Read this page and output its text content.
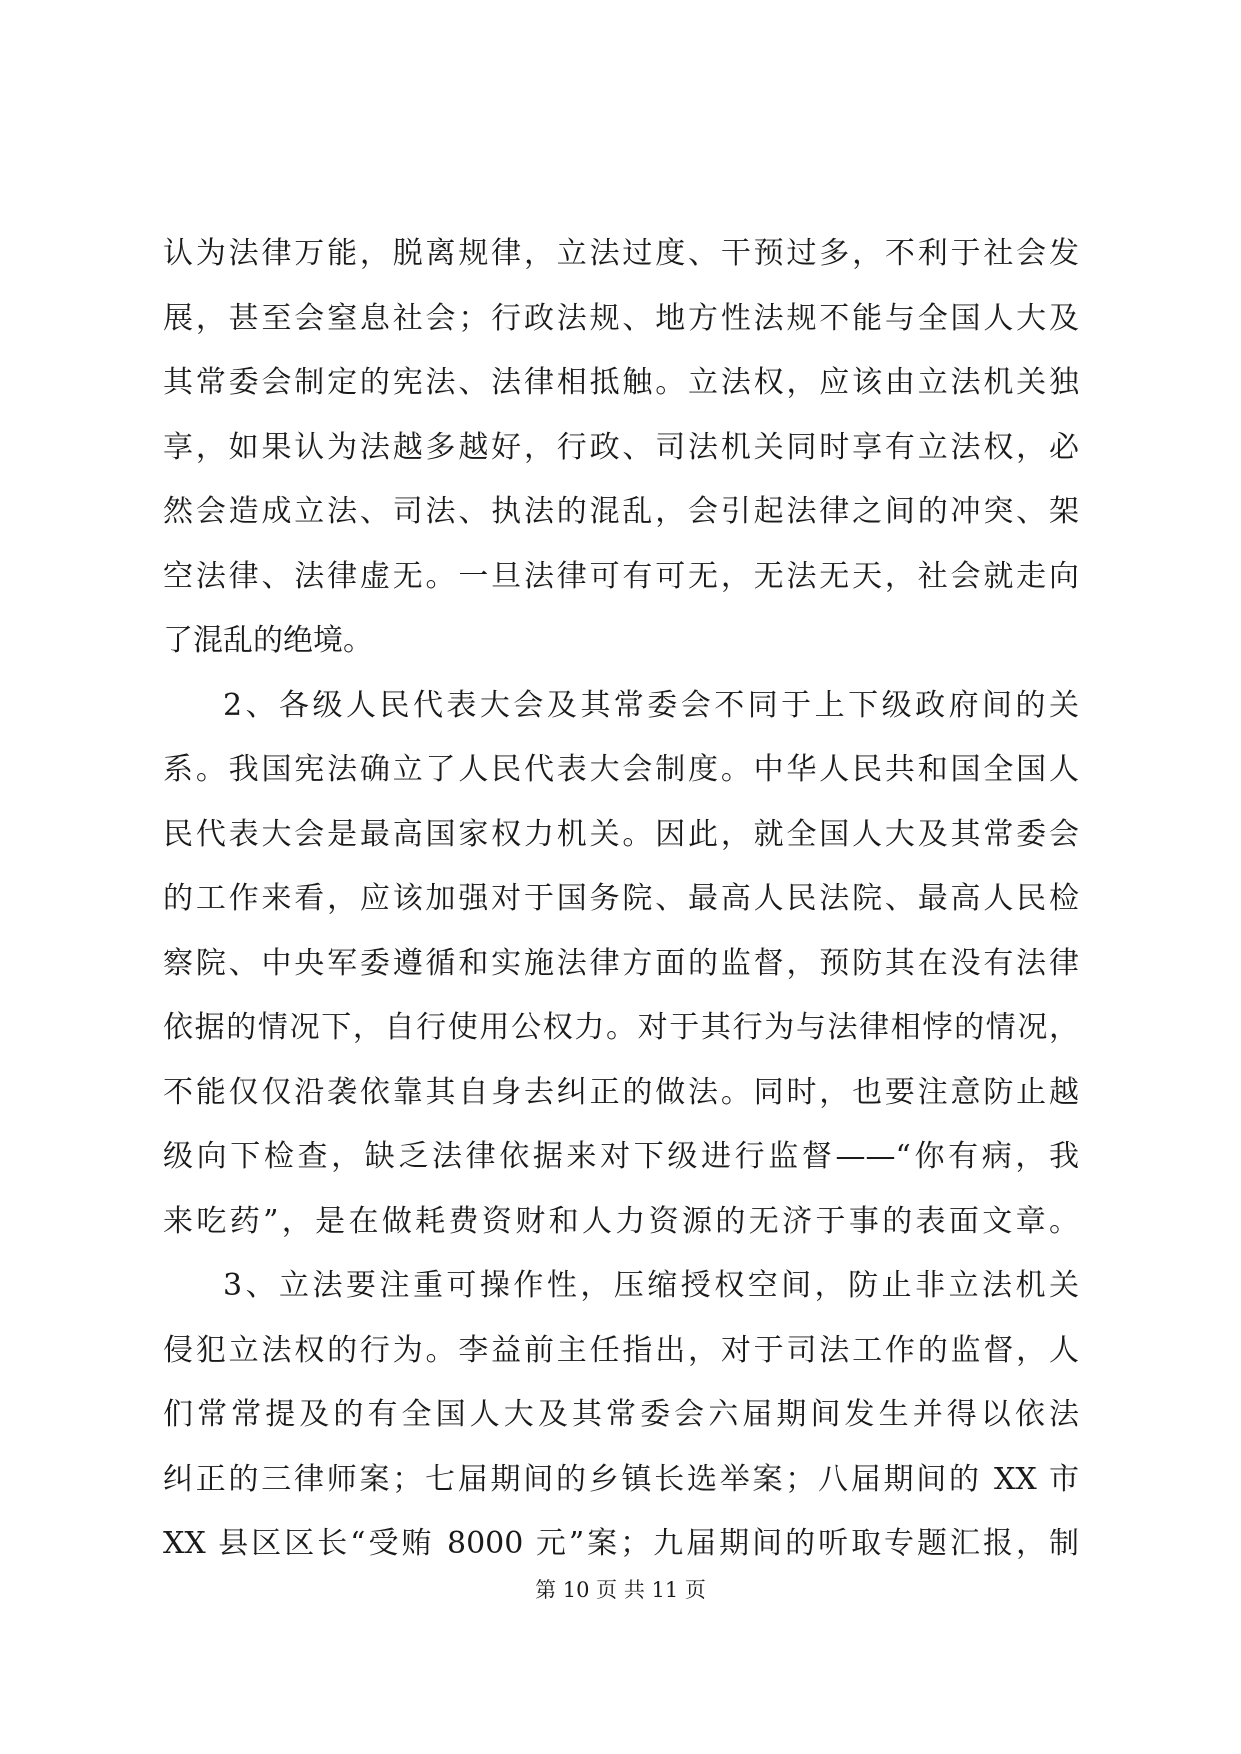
认为法律万能，脱离规律，立法过度、干预过多，不利于社会发
展，甚至会窒息社会；行政法规、地方性法规不能与全国人大及
其常委会制定的宪法、法律相抵触。立法权，应该由立法机关独
享，如果认为法越多越好，行政、司法机关同时享有立法权，必
然会造成立法、司法、执法的混乱，会引起法律之间的冲突、架
空法律、法律虚无。一旦法律可有可无，无法无天，社会就走向
了混乱的绝境。
2、各级人民代表大会及其常委会不同于上下级政府间的关
系。我国宪法确立了人民代表大会制度。中华人民共和国全国人
民代表大会是最高国家权力机关。因此，就全国人大及其常委会
的工作来看，应该加强对于国务院、最高人民法院、最高人民检
察院、中央军委遵循和实施法律方面的监督，预防其在没有法律
依据的情况下，自行使用公权力。对于其行为与法律相悖的情况，
不能仅仅沿袭依靠其自身去纠正的做法。同时，也要注意防止越
级向下检查，缺乏法律依据来对下级进行监督——“你有病，我
来吃药”，是在做耗费资财和人力资源的无济于事的表面文章。
3、立法要注重可操作性，压缩授权空间，防止非立法机关
侵犯立法权的行为。李益前主任指出，对于司法工作的监督，人
们常常提及的有全国人大及其常委会六届期间发生并得以依法
纠正的三律师案；七届期间的乡镇长选举案；八届期间的 XX 市
XX 县区区长“受贿 8000 元”案；九届期间的听取专题汇报，制
第 10 页 共 11 页
